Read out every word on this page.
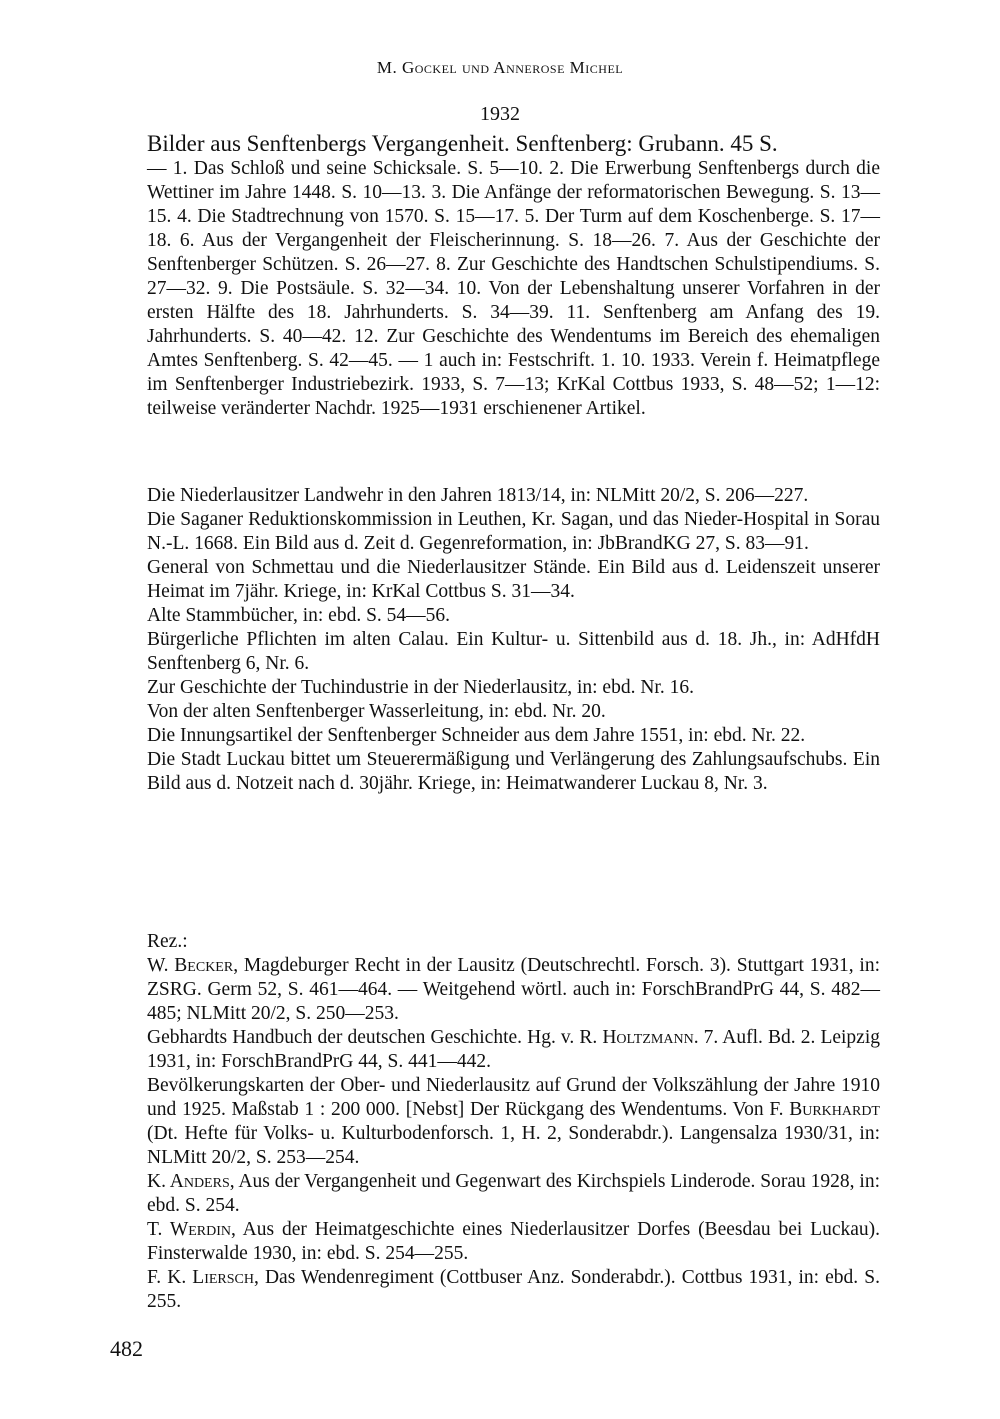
M. Gockel und Annerose Michel
1932
Bilder aus Senftenbergs Vergangenheit. Senftenberg: Grubann. 45 S.
— 1. Das Schloß und seine Schicksale. S. 5—10. 2. Die Erwerbung Senftenbergs durch die Wettiner im Jahre 1448. S. 10—13. 3. Die Anfänge der reformatorischen Bewegung. S. 13—15. 4. Die Stadtrechnung von 1570. S. 15—17. 5. Der Turm auf dem Koschenberge. S. 17—18. 6. Aus der Vergangenheit der Fleischerinnung. S. 18—26. 7. Aus der Geschichte der Senftenberger Schützen. S. 26—27. 8. Zur Geschichte des Handtschen Schulstipendiums. S. 27—32. 9. Die Postsäule. S. 32—34. 10. Von der Lebenshaltung unserer Vorfahren in der ersten Hälfte des 18. Jahrhunderts. S. 34—39. 11. Senftenberg am Anfang des 19. Jahrhunderts. S. 40—42. 12. Zur Geschichte des Wendentums im Bereich des ehemaligen Amtes Senftenberg. S. 42—45. — 1 auch in: Festschrift. 1. 10. 1933. Verein f. Heimatpflege im Senftenberger Industriebezirk. 1933, S. 7—13; KrKal Cottbus 1933, S. 48—52; 1—12: teilweise veränderter Nachdr. 1925—1931 erschienener Artikel.
Die Niederlausitzer Landwehr in den Jahren 1813/14, in: NLMitt 20/2, S. 206—227.
Die Saganer Reduktionskommission in Leuthen, Kr. Sagan, und das Nieder-Hospital in Sorau N.-L. 1668. Ein Bild aus d. Zeit d. Gegenreformation, in: JbBrandKG 27, S. 83—91.
General von Schmettau und die Niederlausitzer Stände. Ein Bild aus d. Leidenszeit unserer Heimat im 7jähr. Kriege, in: KrKal Cottbus S. 31—34.
Alte Stammbücher, in: ebd. S. 54—56.
Bürgerliche Pflichten im alten Calau. Ein Kultur- u. Sittenbild aus d. 18. Jh., in: AdHfdH Senftenberg 6, Nr. 6.
Zur Geschichte der Tuchindustrie in der Niederlausitz, in: ebd. Nr. 16.
Von der alten Senftenberger Wasserleitung, in: ebd. Nr. 20.
Die Innungsartikel der Senftenberger Schneider aus dem Jahre 1551, in: ebd. Nr. 22.
Die Stadt Luckau bittet um Steuerermäßigung und Verlängerung des Zahlungsaufschubs. Ein Bild aus d. Notzeit nach d. 30jähr. Kriege, in: Heimatwanderer Luckau 8, Nr. 3.
Rez.:
W. Becker, Magdeburger Recht in der Lausitz (Deutschrechtl. Forsch. 3). Stuttgart 1931, in: ZSRG. Germ 52, S. 461—464. — Weitgehend wörtl. auch in: ForschBrandPrG 44, S. 482—485; NLMitt 20/2, S. 250—253.
Gebhardts Handbuch der deutschen Geschichte. Hg. v. R. Holtzmann. 7. Aufl. Bd. 2. Leipzig 1931, in: ForschBrandPrG 44, S. 441—442.
Bevölkerungskarten der Ober- und Niederlausitz auf Grund der Volkszählung der Jahre 1910 und 1925. Maßstab 1 : 200 000. [Nebst] Der Rückgang des Wendentums. Von F. Burkhardt (Dt. Hefte für Volks- u. Kulturbodenforsch. 1, H. 2, Sonderabdr.). Langensalza 1930/31, in: NLMitt 20/2, S. 253—254.
K. Anders, Aus der Vergangenheit und Gegenwart des Kirchspiels Linderode. Sorau 1928, in: ebd. S. 254.
T. Werdin, Aus der Heimatgeschichte eines Niederlausitzer Dorfes (Beesdau bei Luckau). Finsterwalde 1930, in: ebd. S. 254—255.
F. K. Liersch, Das Wendenregiment (Cottbuser Anz. Sonderabdr.). Cottbus 1931, in: ebd. S. 255.
482
